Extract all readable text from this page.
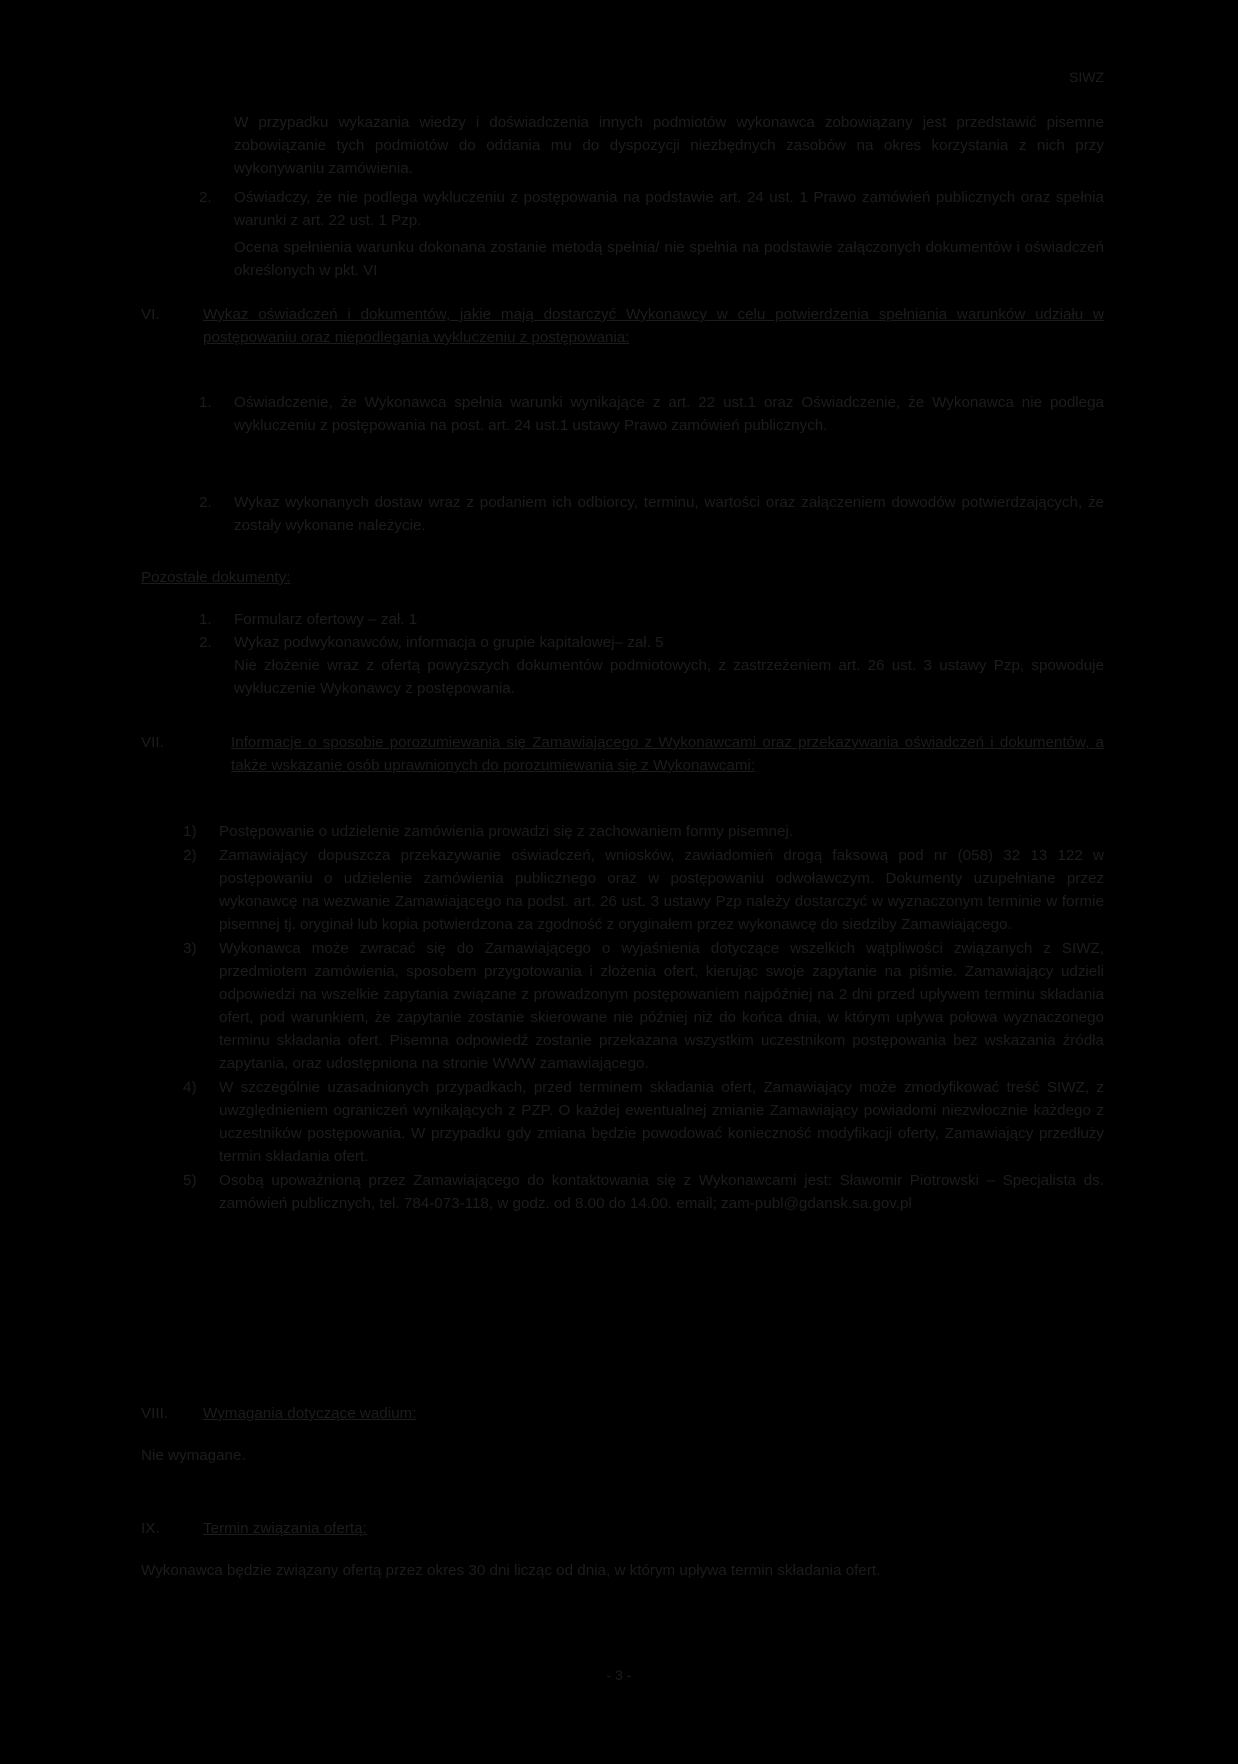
SIWZ
W przypadku wykazania wiedzy i doświadczenia innych podmiotów wykonawca zobowiązany jest przedstawić pisemne zobowiązanie tych podmiotów do oddania mu do dyspozycji niezbędnych zasobów na okres korzystania z nich przy wykonywaniu zamówienia.
2.	Oświadczy, że nie podlega wykluczeniu z postępowania na podstawie art. 24 ust. 1 Prawo zamówień publicznych oraz spełnia warunki z art. 22 ust. 1 Pzp.
Ocena spełnienia warunku dokonana zostanie metodą spełnia/ nie spełnia na podstawie załączonych dokumentów i oświadczeń określonych w pkt. VI
VI.	Wykaz oświadczeń i dokumentów, jakie mają dostarczyć Wykonawcy w celu potwierdzenia spełniania warunków udziału w postępowaniu oraz niepodlegania wykluczeniu z postępowania:
1.	Oświadczenie, że Wykonawca spełnia warunki wynikające z art. 22 ust.1 oraz Oświadczenie, że Wykonawca nie podlega wykluczeniu z postępowania na post. art. 24 ust.1 ustawy Prawo zamówień publicznych.
2.	Wykaz wykonanych dostaw wraz z podaniem ich odbiorcy, terminu, wartości oraz załączeniem dowodów potwierdzających, że zostały wykonane należycie.
Pozostałe dokumenty:
1.	Formularz ofertowy – zał. 1
2.	Wykaz podwykonawców, informacja o grupie kapitałowej– zał. 5
Nie złożenie wraz z ofertą powyższych dokumentów podmiotowych, z zastrzeżeniem art. 26 ust. 3 ustawy Pzp, spowoduje wykluczenie Wykonawcy z postępowania.
VII.	Informacje o sposobie porozumiewania się Zamawiającego z Wykonawcami oraz przekazywania oświadczeń i dokumentów, a także wskazanie osób uprawnionych do porozumiewania się z Wykonawcami:
1)	Postępowanie o udzielenie zamówienia prowadzi się z zachowaniem formy pisemnej.
2)	Zamawiający dopuszcza przekazywanie oświadczeń, wniosków, zawiadomień drogą faksową pod nr (058) 32 13 122 w postępowaniu o udzielenie zamówienia publicznego oraz w postępowaniu odwoławczym. Dokumenty uzupełniane przez wykonawcę na wezwanie Zamawiającego na podst. art. 26 ust. 3 ustawy Pzp należy dostarczyć w wyznaczonym terminie w formie pisemnej tj. oryginał lub kopia potwierdzona za zgodność z oryginałem przez wykonawcę do siedziby Zamawiającego.
3)	Wykonawca może zwracać się do Zamawiającego o wyjaśnienia dotyczące wszelkich wątpliwości związanych z SIWZ, przedmiotem zamówienia, sposobem przygotowania i złożenia ofert, kierując swoje zapytanie na piśmie. Zamawiający udzieli odpowiedzi na wszelkie zapytania związane z prowadzonym postępowaniem najpóźniej na 2 dni przed upływem terminu składania ofert, pod warunkiem, że zapytanie zostanie skierowane nie później niż do końca dnia, w którym upływa połowa wyznaczonego terminu składania ofert. Pisemna odpowiedź zostanie przekazana wszystkim uczestnikom postępowania bez wskazania źródła zapytania, oraz udostępniona na stronie WWW zamawiającego.
4)	W szczególnie uzasadnionych przypadkach, przed terminem składania ofert, Zamawiający może zmodyfikować treść SIWZ, z uwzględnieniem ograniczeń wynikających z PZP. O każdej ewentualnej zmianie Zamawiający powiadomi niezwłocznie każdego z uczestników postępowania. W przypadku gdy zmiana będzie powodować konieczność modyfikacji oferty, Zamawiający przedłuży termin składania ofert.
5)	Osobą upoważnioną przez Zamawiającego do kontaktowania się z Wykonawcami jest: Sławomir Piotrowski – Specjalista ds. zamówień publicznych, tel. 784-073-118, w godz. od 8.00 do 14.00. email; zam-publ@gdansk.sa.gov.pl
VIII.	Wymagania dotyczące wadium:
Nie wymagane.
IX.	Termin związania ofertą:
Wykonawca będzie związany ofertą przez okres 30 dni licząc od dnia, w którym upływa termin składania ofert.
- 3 -
